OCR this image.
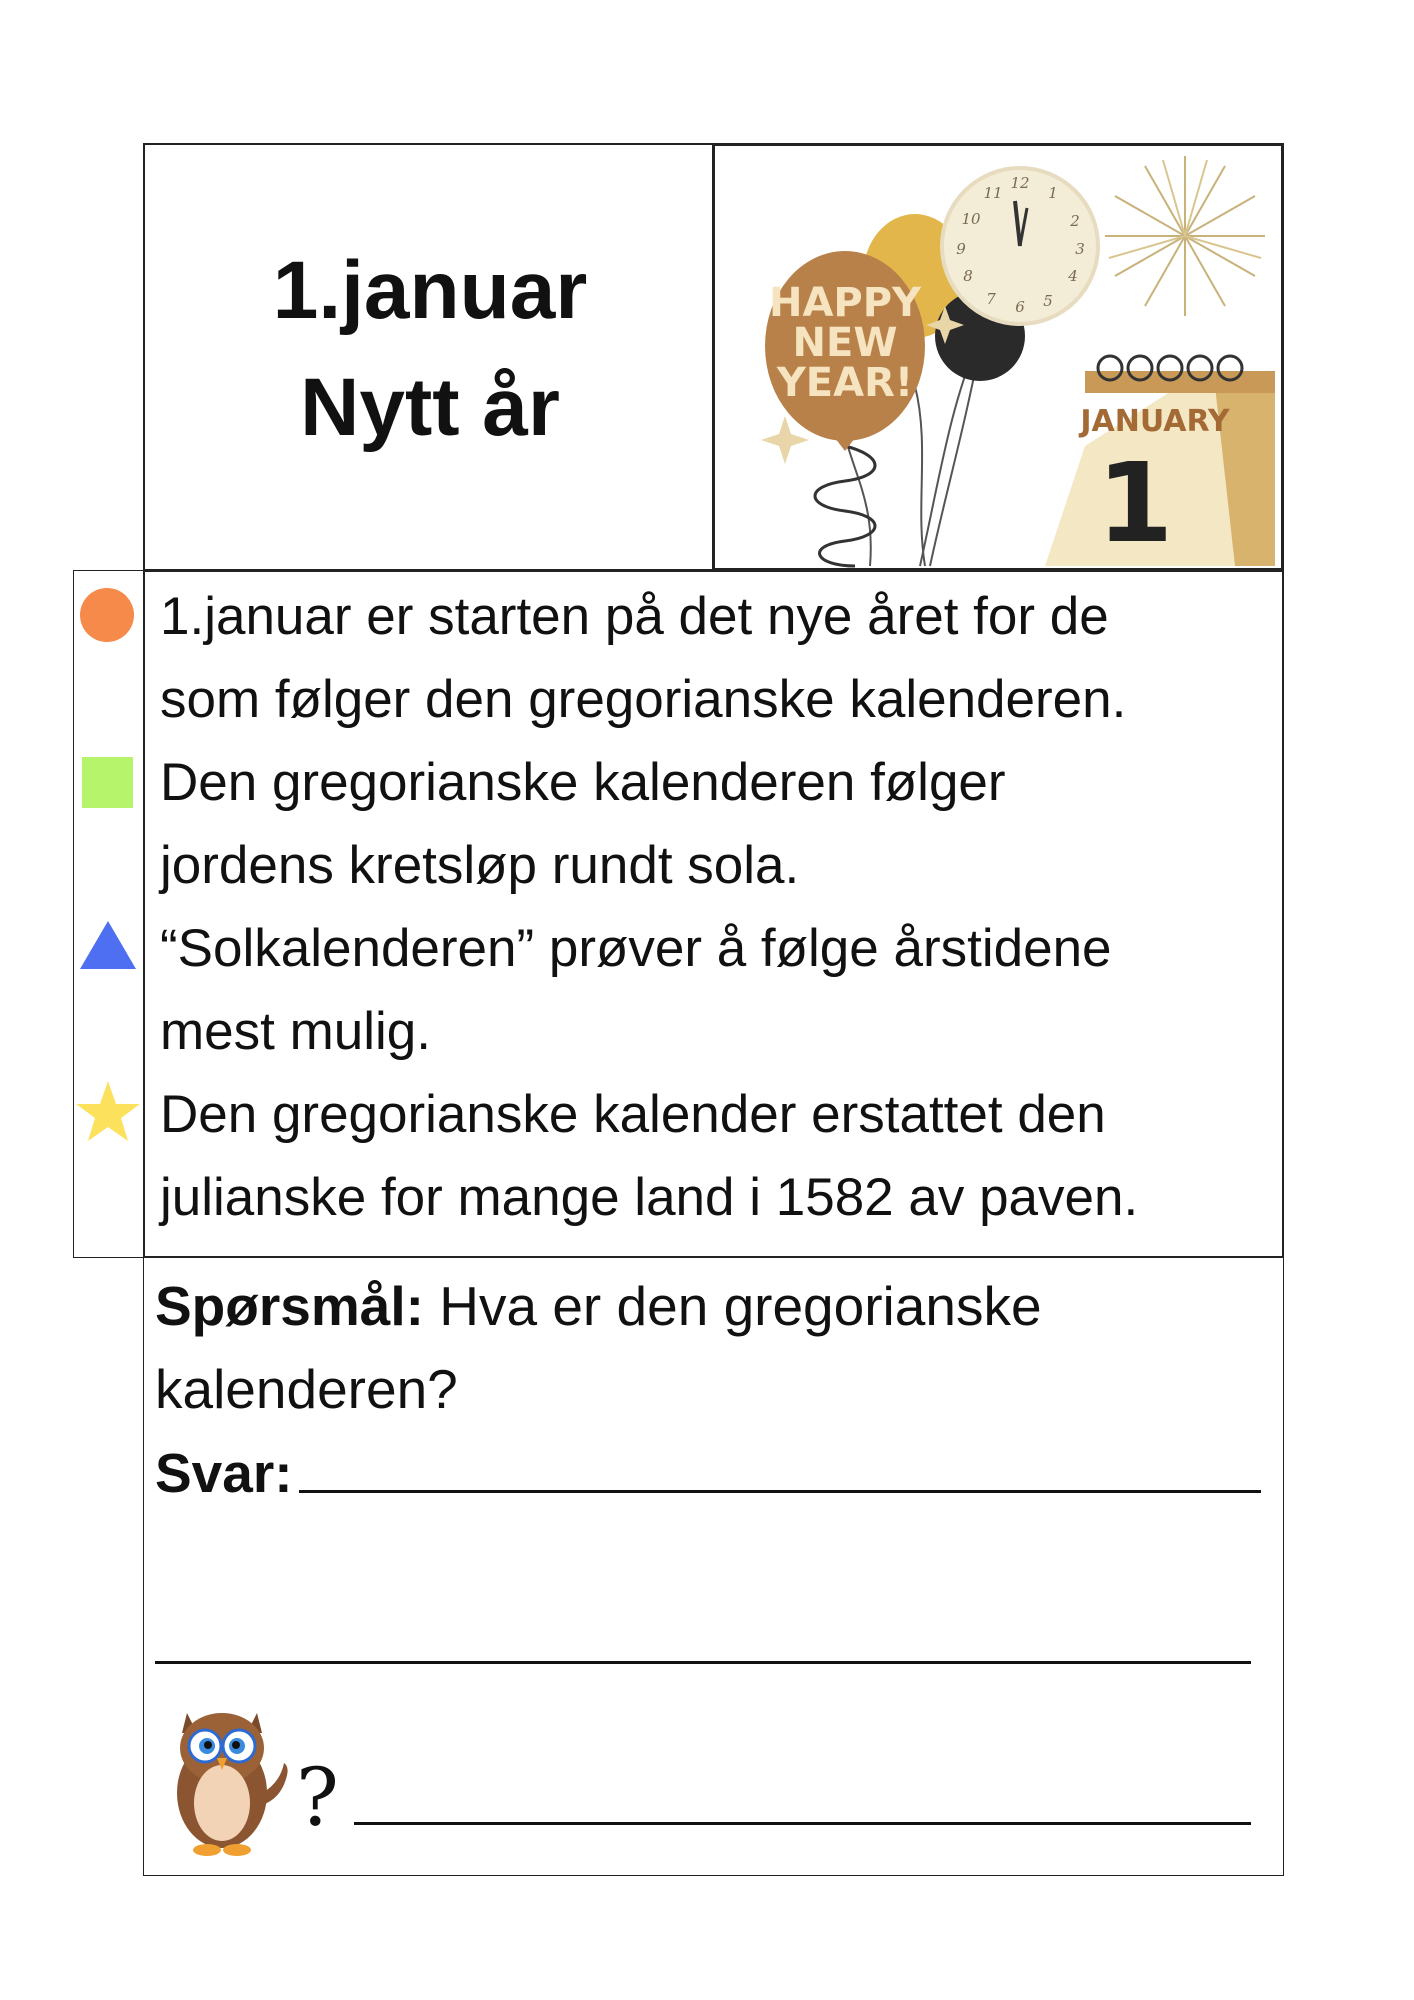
1.januar
Nytt år
12
1
2
3
4
5
6
7
8
9
10
11
HAPPY
NEW
YEAR!
JANUARY
1
1.januar er starten på det nye året for de
som følger den gregorianske kalenderen.
Den gregorianske kalenderen følger
jordens kretsløp rundt sola.
“Solkalenderen” prøver å følge årstidene
mest mulig.
Den gregorianske kalender erstattet den
julianske for mange land i 1582 av paven.
Spørsmål: Hva er den gregorianske
kalenderen?
Svar:
?
